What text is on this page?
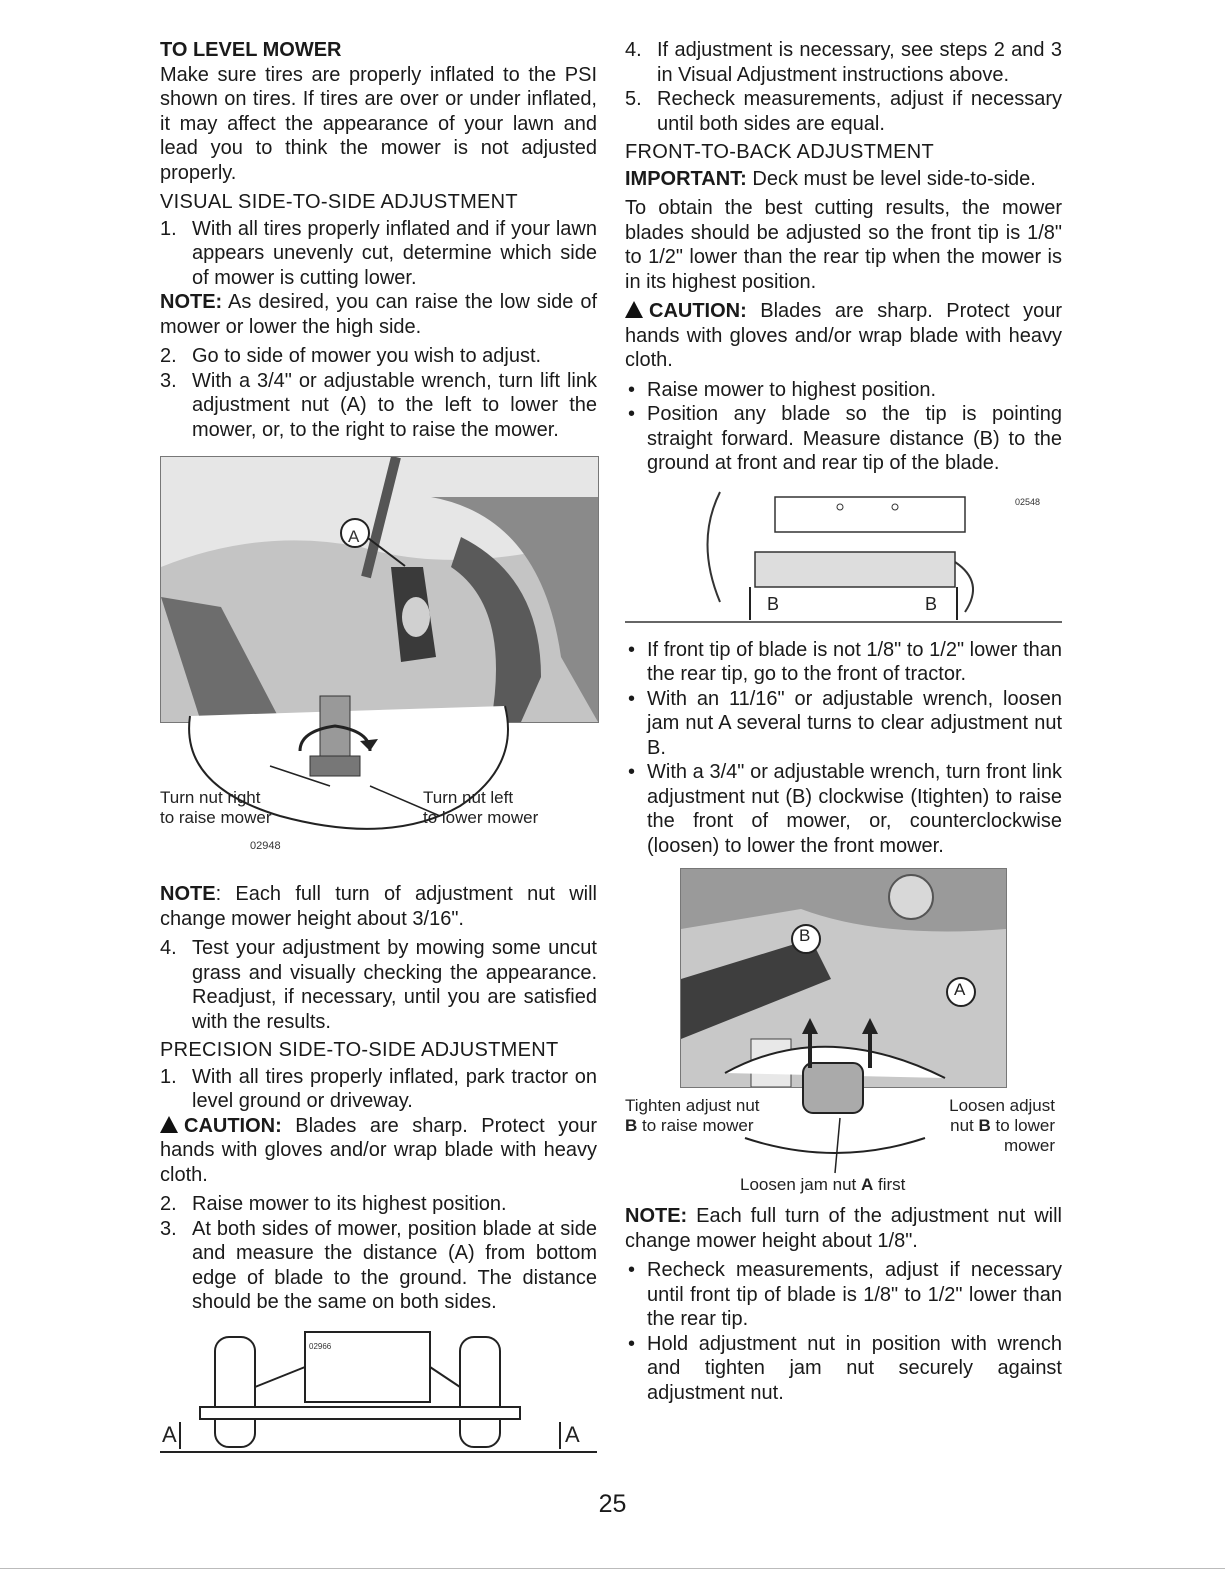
TO LEVEL MOWER

Make sure tires are properly inflated to the PSI shown on tires. If tires are over or under inflated, it may affect the appearance of your lawn and lead you to think the mower is not adjusted properly.

VISUAL SIDE-TO-SIDE ADJUSTMENT

1. With all tires properly inflated and if your lawn appears unevenly cut, determine which side of mower is cutting lower.

NOTE: As desired, you can raise the low side of mower or lower the high side.

2. Go to side of mower you wish to adjust.
3. With a 3/4" or adjustable wrench, turn lift link adjustment nut (A) to the left to lower the mower, or, to the right to raise the mower.
Turn nut right
to raise mower
Turn nut left
to lower mower
02948
A

NOTE: Each full turn of adjustment nut will change mower height about 3/16".

4. Test your adjustment by mowing some uncut grass and visually checking the appearance. Readjust, if necessary, until you are satisfied with the results.

PRECISION SIDE-TO-SIDE ADJUSTMENT

1. With all tires properly inflated, park tractor on level ground or driveway.

CAUTION: Blades are sharp. Protect your hands with gloves and/or wrap blade with heavy cloth.

2. Raise mower to its highest position.
3. At both sides of mower, position blade at side and measure the distance (A) from bottom edge of blade to the ground. The distance should be the same on both sides.
02966
A	A
4. If adjustment is necessary, see steps 2 and 3 in Visual Adjustment instructions above.
5. Recheck measurements, adjust if necessary until both sides are equal.

FRONT-TO-BACK ADJUSTMENT

IMPORTANT: Deck must be level side-to-side.

To obtain the best cutting results, the mower blades should be adjusted so the front tip is 1/8" to 1/2" lower than the rear tip when the mower is in its highest position.

CAUTION: Blades are sharp. Protect your hands with gloves and/or wrap blade with heavy cloth.

• Raise mower to highest position.
• Position any blade so the tip is pointing straight forward. Measure distance (B) to the ground at front and rear tip of the blade.
02548
B	B
• If front tip of blade is not 1/8" to 1/2" lower than the rear tip, go to the front of tractor.
• With an 11/16" or adjustable wrench, loosen jam nut A several turns to clear adjustment nut B.
• With a 3/4" or adjustable wrench, turn front link adjustment nut (B) clockwise (Itighten) to raise the front of mower, or, counterclockwise (loosen) to lower the front mower.
B
A
Tighten adjust nut
B to raise mower
Loosen adjust
nut B to lower
mower
Loosen jam nut A first

NOTE: Each full turn of the adjustment nut will change mower height about 1/8".

• Recheck measurements, adjust if necessary until front tip of blade is 1/8" to 1/2" lower than the rear tip.
• Hold adjustment nut in position with wrench and tighten jam nut securely against adjustment nut.
25
